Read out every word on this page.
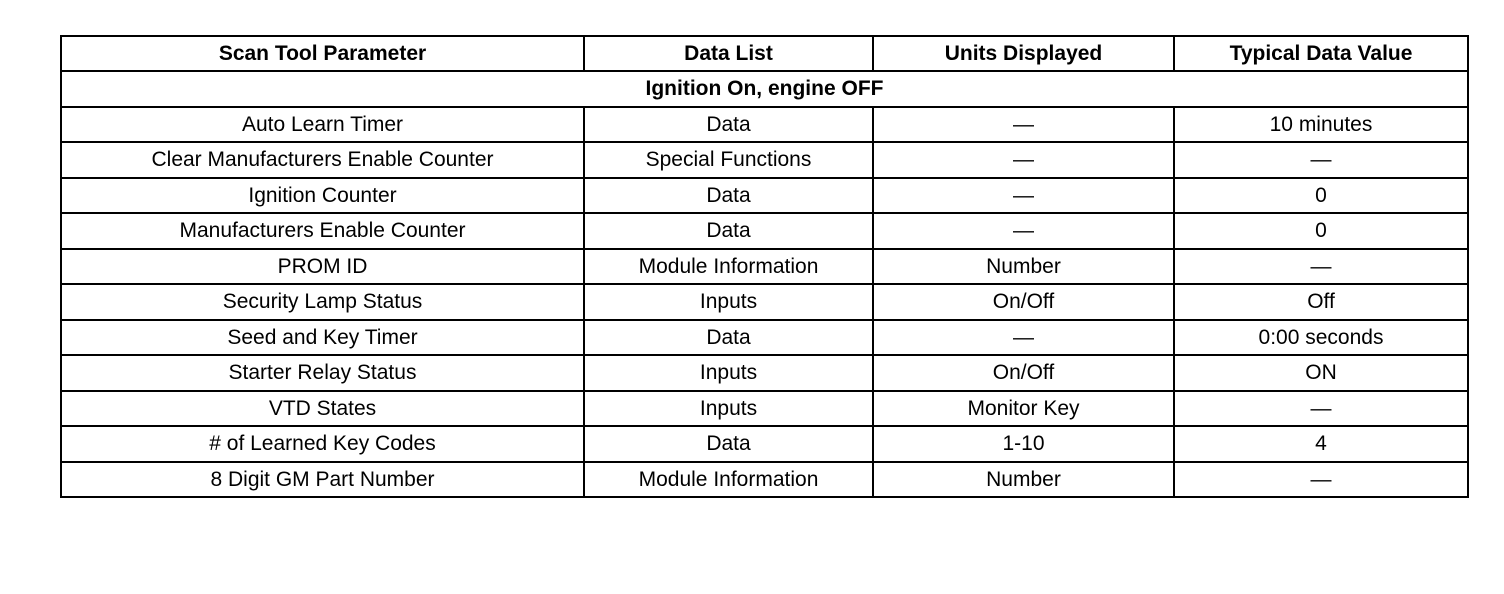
Scan Tool Parameter	Data List	Units Displayed	Typical Data Value
Ignition On, engine OFF			
Auto Learn Timer	Data	—	10 minutes
Clear Manufacturers Enable Counter	Special Functions	—	—
Ignition Counter	Data	—	0
Manufacturers Enable Counter	Data	—	0
PROM ID	Module Information	Number	—
Security Lamp Status	Inputs	On/Off	Off
Seed and Key Timer	Data	—	0:00 seconds
Starter Relay Status	Inputs	On/Off	ON
VTD States	Inputs	Monitor Key	—
# of Learned Key Codes	Data	1-10	4
8 Digit GM Part Number	Module Information	Number	—
